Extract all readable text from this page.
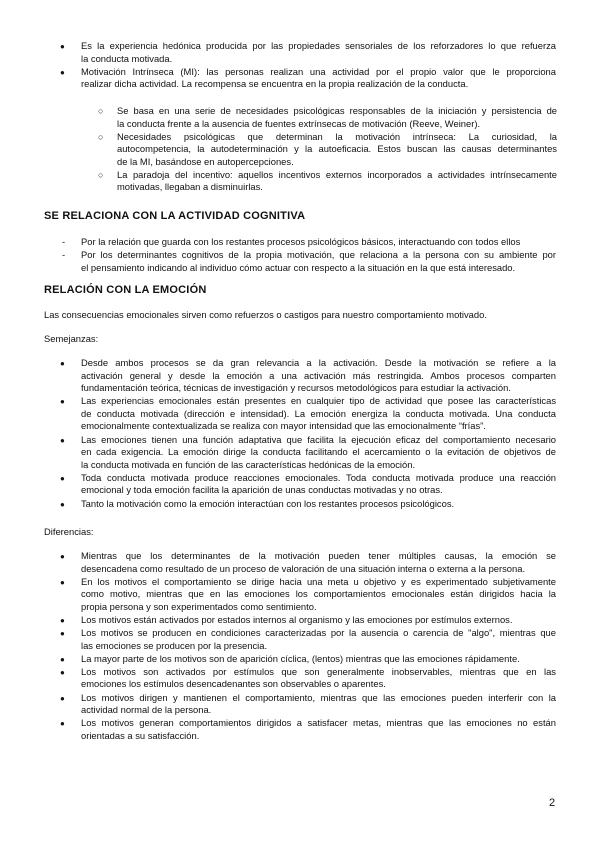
● Es la experiencia hedónica producida por las propiedades sensoriales de los reforzadores lo que refuerza
la conducta motivada.
● Motivación Intrínseca (MI): las personas realizan una actividad por el propio valor que le proporciona
realizar dicha actividad. La recompensa se encuentra en la propia realización de la conducta.
○ Se basa en una serie de necesidades psicológicas responsables de la iniciación y persistencia de
la conducta frente a la ausencia de fuentes extrínsecas de motivación (Reeve, Weiner).
○ Necesidades psicológicas que determinan la motivación intrínseca: La curiosidad, la
autocompetencia, la autodeterminación y la autoeficacia. Estos buscan las causas determinantes
de la MI, basándose en autopercepciones.
○ La paradoja del incentivo: aquellos incentivos externos incorporados a actividades intrínsecamente
motivadas, llegaban a disminuirlas.
SE RELACIONA CON LA ACTIVIDAD COGNITIVA
- Por la relación que guarda con los restantes procesos psicológicos básicos, interactuando con todos ellos
- Por los determinantes cognitivos de la propia motivación, que relaciona a la persona con su ambiente por
el pensamiento indicando al individuo cómo actuar con respecto a la situación en la que está interesado.
RELACIÓN CON LA EMOCIÓN
Las consecuencias emocionales sirven como refuerzos o castigos para nuestro comportamiento motivado.
Semejanzas:
● Desde ambos procesos se da gran relevancia a la activación. Desde la motivación se refiere a la
activación general y desde la emoción a una activación más restringida. Ambos procesos comparten
fundamentación teórica, técnicas de investigación y recursos metodológicos para estudiar la activación.
● Las experiencias emocionales están presentes en cualquier tipo de actividad que posee las características
de conducta motivada (dirección e intensidad). La emoción energiza la conducta motivada. Una conducta
emocionalmente contextualizada se realiza con mayor intensidad que las emocionalmente “frías”.
● Las emociones tienen una función adaptativa que facilita la ejecución eficaz del comportamiento necesario
en cada exigencia. La emoción dirige la conducta facilitando el acercamiento o la evitación de objetivos de
la conducta motivada en función de las características hedónicas de la emoción.
● Toda conducta motivada produce reacciones emocionales. Toda conducta motivada produce una reacción
emocional y toda emoción facilita la aparición de unas conductas motivadas y no otras.
● Tanto la motivación como la emoción interactúan con los restantes procesos psicológicos.
Diferencias:
● Mientras que los determinantes de la motivación pueden tener múltiples causas, la emoción se
desencadena como resultado de un proceso de valoración de una situación interna o externa a la persona.
● En los motivos el comportamiento se dirige hacia una meta u objetivo y es experimentado subjetivamente
como motivo, mientras que en las emociones los comportamientos emocionales están dirigidos hacia la
propia persona y son experimentados como sentimiento.
● Los motivos están activados por estados internos al organismo y las emociones por estímulos externos.
● Los motivos se producen en condiciones caracterizadas por la ausencia o carencia de "algo", mientras que
las emociones se producen por la presencia.
● La mayor parte de los motivos son de aparición cíclica, (lentos) mientras que las emociones rápidamente.
● Los motivos son activados por estímulos que son generalmente inobservables, mientras que en las
emociones los estímulos desencadenantes son observables o aparentes.
● Los motivos dirigen y mantienen el comportamiento, mientras que las emociones pueden interferir con la
actividad normal de la persona.
● Los motivos generan comportamientos dirigidos a satisfacer metas, mientras que las emociones no están
orientadas a su satisfacción.
2
